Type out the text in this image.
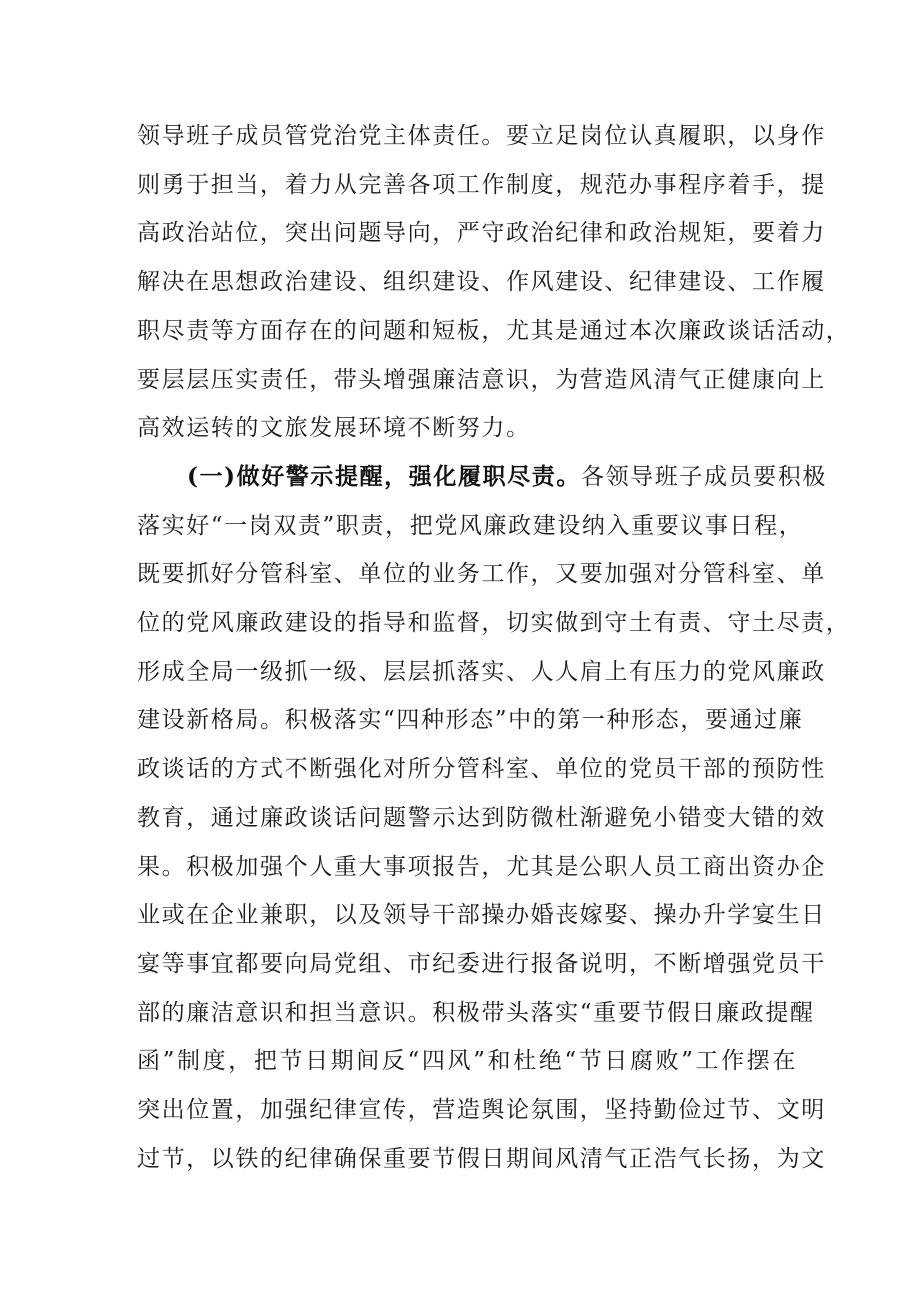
领导班子成员管党治党主体责任。要立足岗位认真履职，以身作
则勇于担当，着力从完善各项工作制度，规范办事程序着手，提
高政治站位，突出问题导向，严守政治纪律和政治规矩，要着力
解决在思想政治建设、组织建设、作风建设、纪律建设、工作履
职尽责等方面存在的问题和短板，尤其是通过本次廉政谈话活动，
要层层压实责任，带头增强廉洁意识，为营造风清气正健康向上
高效运转的文旅发展环境不断努力。
(一)做好警示提醒，强化履职尽责。各领导班子成员要积极
落实好“一岗双责”职责，把党风廉政建设纳入重要议事日程，
既要抓好分管科室、单位的业务工作，又要加强对分管科室、单
位的党风廉政建设的指导和监督，切实做到守土有责、守土尽责，
形成全局一级抓一级、层层抓落实、人人肩上有压力的党风廉政
建设新格局。积极落实“四种形态”中的第一种形态，要通过廉
政谈话的方式不断强化对所分管科室、单位的党员干部的预防性
教育，通过廉政谈话问题警示达到防微杜渐避免小错变大错的效
果。积极加强个人重大事项报告，尤其是公职人员工商出资办企
业或在企业兼职，以及领导干部操办婚丧嫁娶、操办升学宴生日
宴等事宜都要向局党组、市纪委进行报备说明，不断增强党员干
部的廉洁意识和担当意识。积极带头落实“重要节假日廉政提醒
函”制度，把节日期间反“四风”和杜绝“节日腐败”工作摆在
突出位置，加强纪律宣传，营造舆论氛围，坚持勤俭过节、文明
过节，以铁的纪律确保重要节假日期间风清气正浩气长扬，为文
